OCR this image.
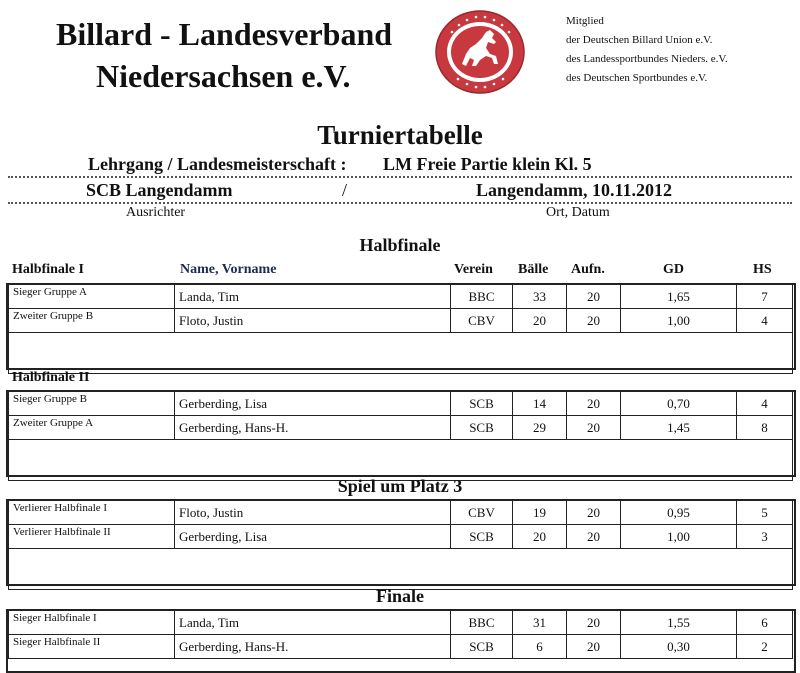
Billard - Landesverband
Niedersachsen e.V.
Mitglied
der Deutschen Billard Union e.V.
des Landessportbundes Nieders. e.V.
des Deutschen Sportbundes e.V.
Turniertabelle
Lehrgang / Landesmeisterschaft : LM Freie Partie klein Kl. 5
SCB Langendamm	/	Langendamm, 10.11.2012
Ausrichter	Ort, Datum
Halbfinale
Halbfinale I	Name, Vorname	Verein Bälle Aufn.	GD	HS
Sieger Gruppe A	Landa, Tim	BBC	33	20	1,65	7
Zweiter Gruppe B	Floto, Justin	CBV	20	20	1,00	4

Halbfinale II
Sieger Gruppe B	Gerberding, Lisa	SCB	14	20	0,70	4
Zweiter Gruppe A	Gerberding, Hans-H.	SCB	29	20	1,45	8

Spiel um Platz 3
Verlierer Halbfinale I	Floto, Justin	CBV	19	20	0,95	5
Verlierer Halbfinale II	Gerberding, Lisa	SCB	20	20	1,00	3

Finale
Sieger Halbfinale I	Landa, Tim	BBC	31	20	1,55	6
Sieger Halbfinale II	Gerberding, Hans-H.	SCB	6	20	0,30	2
